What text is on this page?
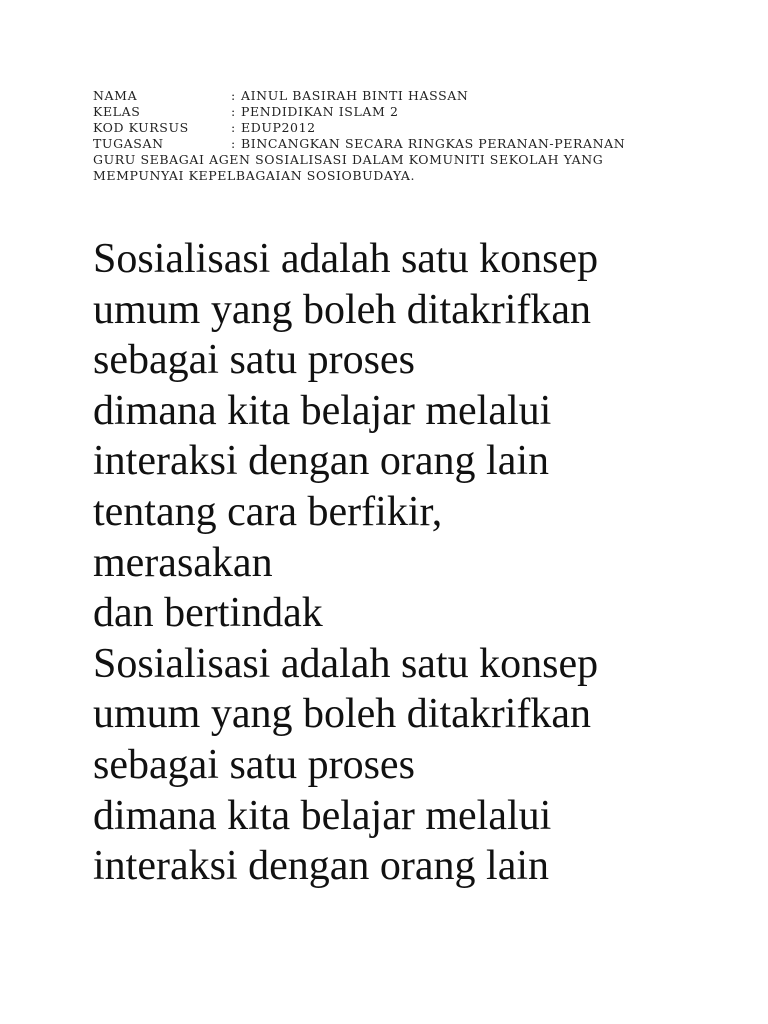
NAMA	: AINUL BASIRAH BINTI HASSAN
KELAS	: PENDIDIKAN ISLAM 2
KOD KURSUS	: EDUP2012
TUGASAN	: BINCANGKAN SECARA RINGKAS PERANAN-PERANAN
GURU SEBAGAI AGEN SOSIALISASI DALAM KOMUNITI SEKOLAH YANG
MEMPUNYAI KEPELBAGAIAN SOSIOBUDAYA.
Sosialisasi adalah satu konsep
umum yang boleh ditakrifkan
sebagai satu proses
dimana kita belajar melalui
interaksi dengan orang lain
tentang cara berfikir,
merasakan
dan bertindak
Sosialisasi adalah satu konsep
umum yang boleh ditakrifkan
sebagai satu proses
dimana kita belajar melalui
interaksi dengan orang lain
